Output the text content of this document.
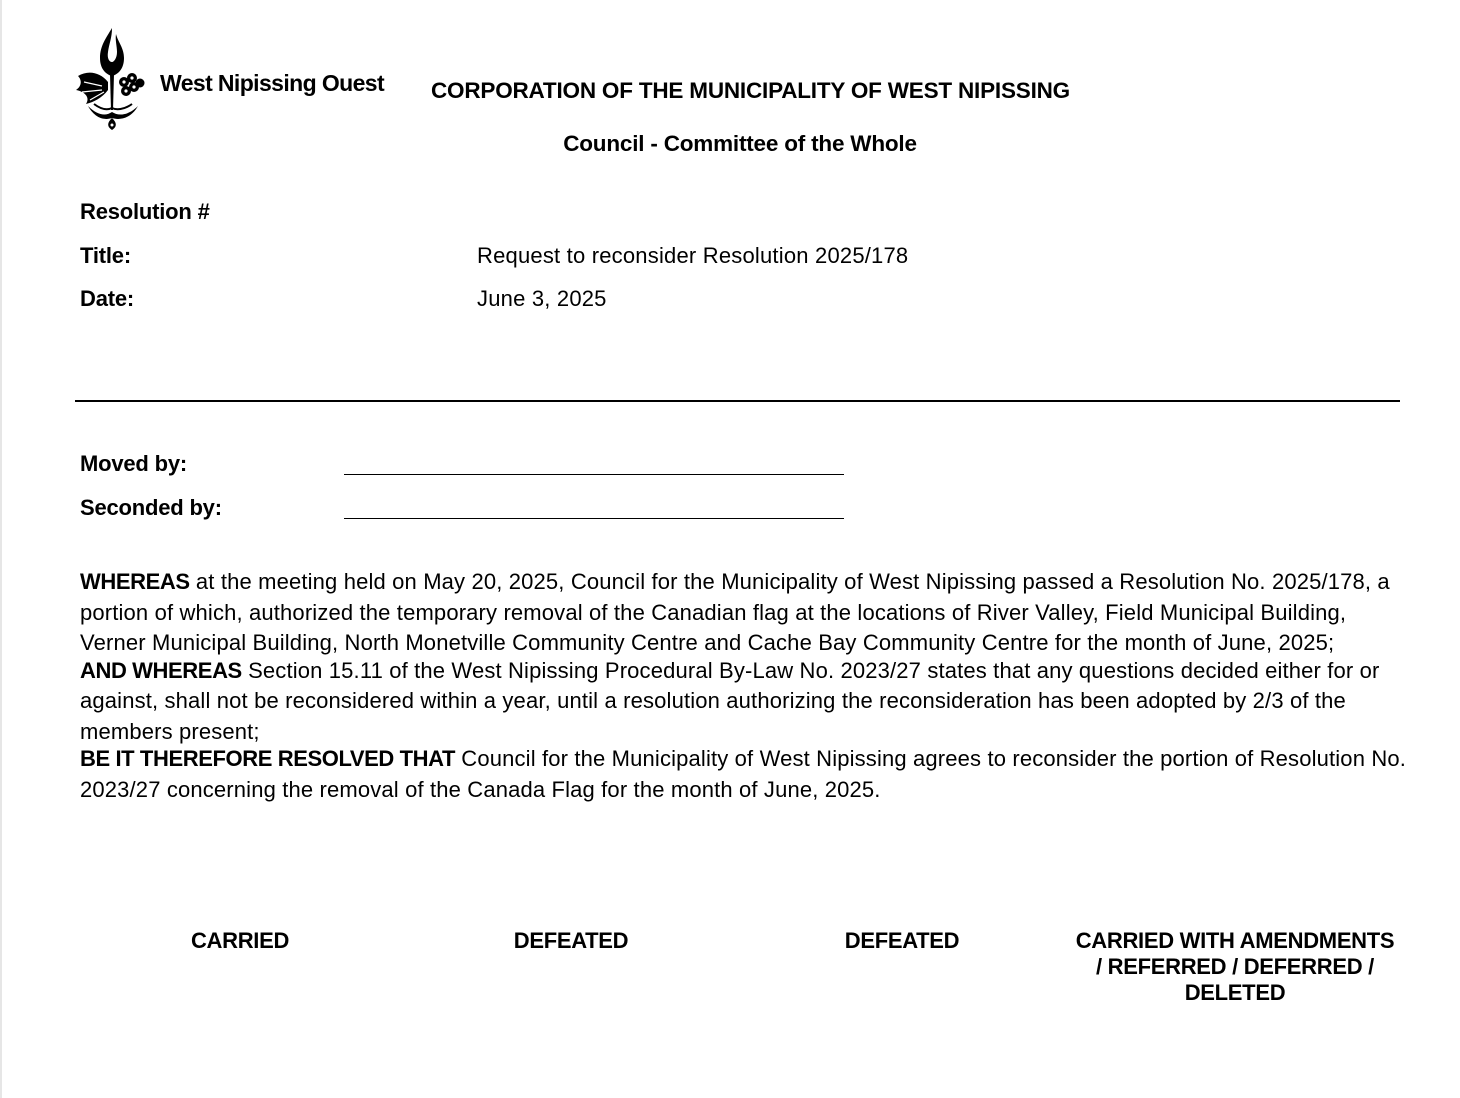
West Nipissing Ouest CORPORATION OF THE MUNICIPALITY OF WEST NIPISSING
Council - Committee of the Whole
Resolution #
Title:	Request to reconsider Resolution 2025/178
Date:	June 3, 2025
Moved by:
Seconded by:

WHEREAS at the meeting held on May 20, 2025, Council for the Municipality of West Nipissing passed a Resolution No. 2025/178, a portion of which, authorized the temporary removal of the Canadian flag at the locations of River Valley, Field Municipal Building, Verner Municipal Building, North Monetville Community Centre and Cache Bay Community Centre for the month of June, 2025;

AND WHEREAS Section 15.11 of the West Nipissing Procedural By-Law No. 2023/27 states that any questions decided either for or against, shall not be reconsidered within a year, until a resolution authorizing the reconsideration has been adopted by 2/3 of the members present;

BE IT THEREFORE RESOLVED THAT Council for the Municipality of West Nipissing agrees to reconsider the portion of Resolution No. 2023/27 concerning the removal of the Canada Flag for the month of June, 2025.

CARRIED	DEFEATED	DEFEATED	CARRIED WITH AMENDMENTS / REFERRED / DEFERRED / DELETED
